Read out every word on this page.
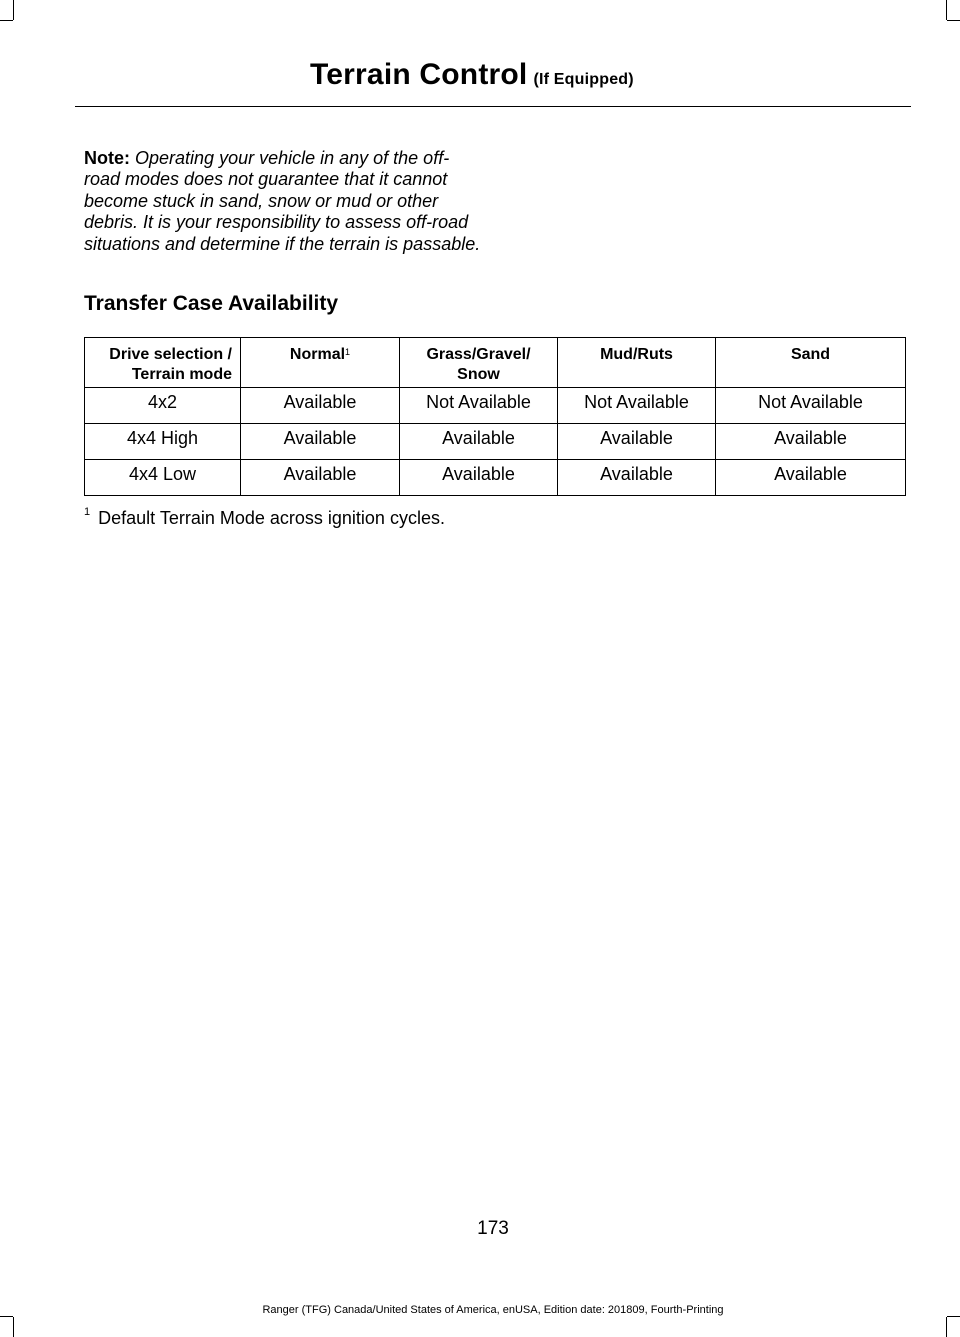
Terrain Control (If Equipped)
Note: Operating your vehicle in any of the off-road modes does not guarantee that it cannot become stuck in sand, snow or mud or other debris. It is your responsibility to assess off-road situations and determine if the terrain is passable.
Transfer Case Availability
Drive selection / Terrain mode	Normal$^1$	Grass/Gravel/ Snow	Mud/Ruts	Sand
4x2	Available	Not Available	Not Available	Not Available
4x4 High	Available	Available	Available	Available
4x4 Low	Available	Available	Available	Available
$^1$ Default Terrain Mode across ignition cycles.
173
Ranger (TFG) Canada/United States of America, enUSA, Edition date: 201809, Fourth-Printing
